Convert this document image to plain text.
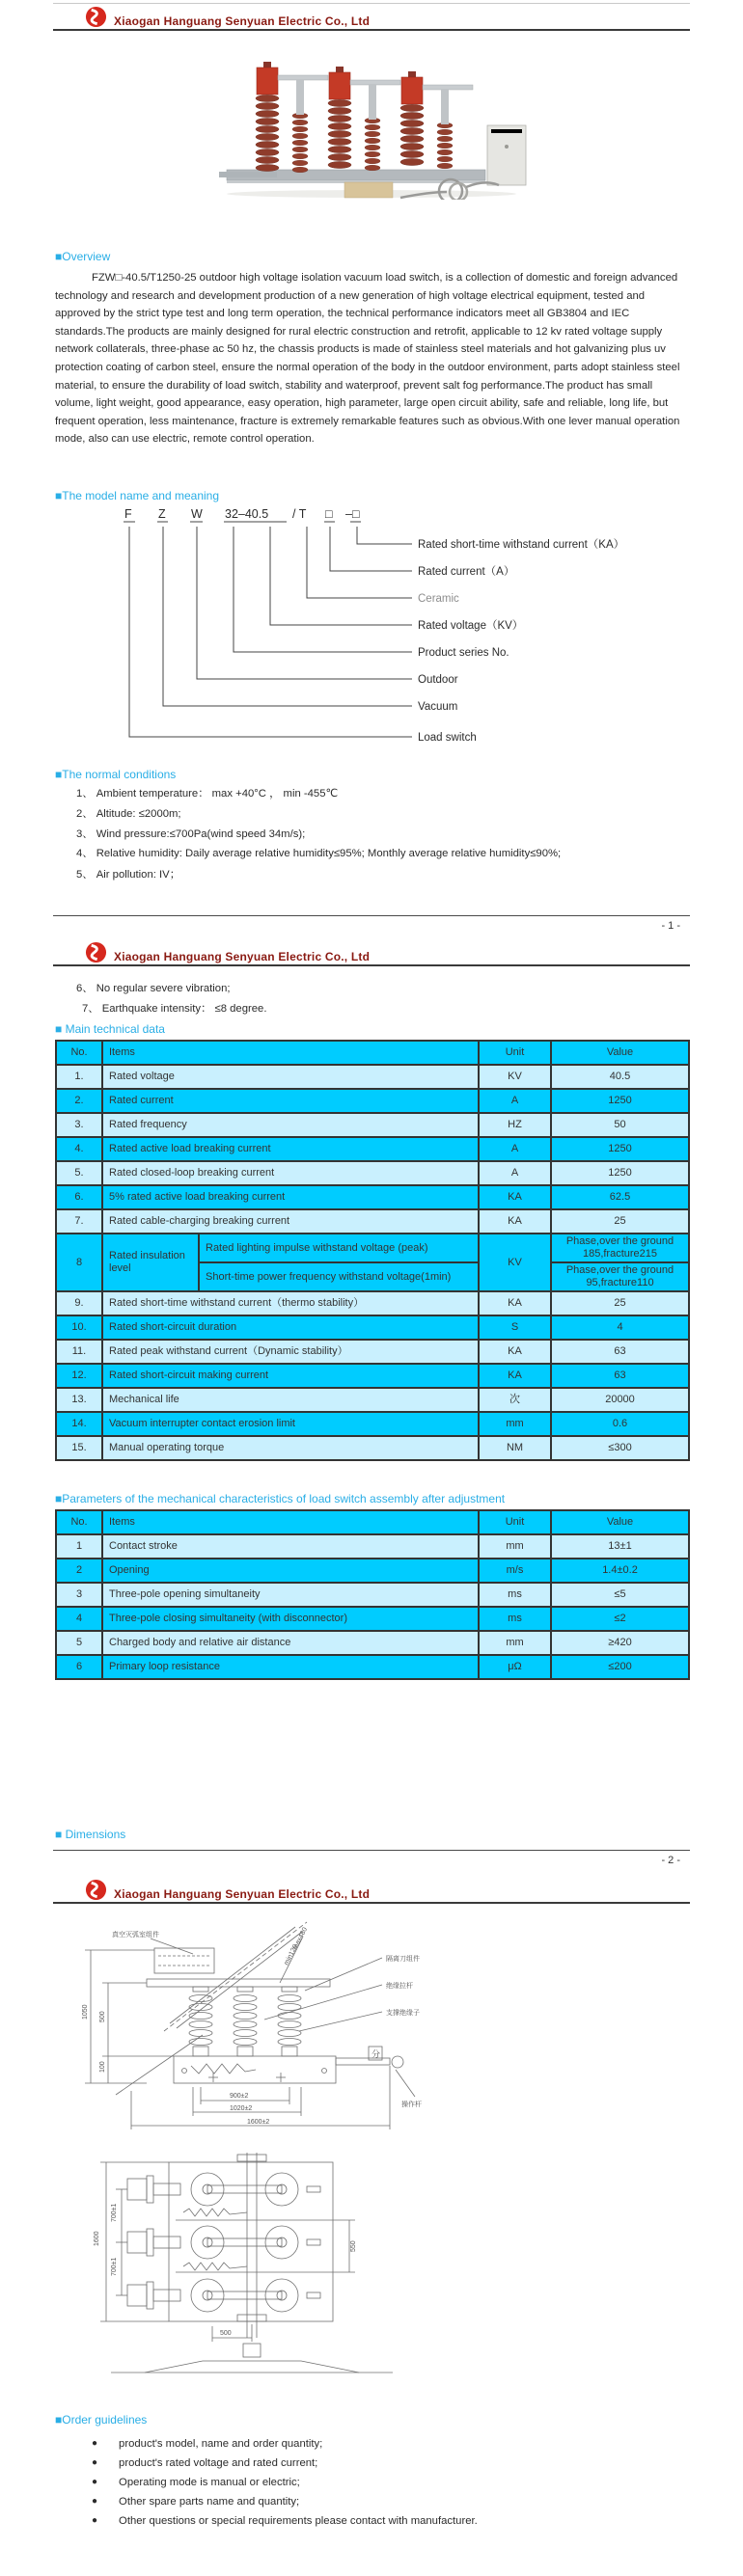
Xiaogan Hanguang Senyuan Electric Co., Ltd
■Overview
FZW□-40.5/T1250-25 outdoor high voltage isolation vacuum load switch, is a collection of domestic and foreign advanced technology and research and development production of a new generation of high voltage electrical equipment, tested and approved by the strict type test and long term operation, the technical performance indicators meet all GB3804 and IEC standards.The products are mainly designed for rural electric construction and retrofit, applicable to 12 kv rated voltage supply network collaterals, three-phase ac 50 hz, the chassis products is made of stainless steel materials and hot galvanizing plus uv protection coating of carbon steel, ensure the normal operation of the body in the outdoor environment, parts adopt stainless steel material, to ensure the durability of load switch, stability and waterproof, prevent salt fog performance.The product has small volume, light weight, good appearance, easy operation, high parameter, large open circuit ability, safe and reliable, long life, but frequent operation, less maintenance, fracture is extremely remarkable features such as obvious.With one lever manual operation mode, also can use electric, remote control operation.
■The model name and meaning
F Z W 32–40.5 / T □ –□
Rated short-time withstand current（KA）
Rated current（A）
Ceramic
Rated voltage（KV）
Product series No.
Outdoor
Vacuum
Load switch
■The normal conditions
1、 Ambient temperature： max +40°C ， min -455℃
2、 Altitude: ≤2000m;
3、 Wind pressure:≤700Pa(wind speed 34m/s);
4、 Relative humidity: Daily average relative humidity≤95%; Monthly average relative humidity≤90%;
5、 Air pollution: IV；
- 1 -
Xiaogan Hanguang Senyuan Electric Co., Ltd
6、 No regular severe vibration;
7、 Earthquake intensity： ≤8 degree.
■ Main technical data
No.	Items		Unit	Value
1.	Rated voltage		KV	40.5
2.	Rated current		A	1250
3.	Rated frequency		HZ	50
4.	Rated active load breaking current		A	1250
5.	Rated closed-loop breaking current		A	1250
6.	5% rated active load breaking current		KA	62.5
7.	Rated cable-charging breaking current		KA	25
8	Rated insulation level	Rated lighting impulse withstand voltage (peak)	KV	Phase,over the ground 185,fracture215
		Short-time power frequency withstand voltage(1min)		Phase,over the ground 95,fracture110
9.	Rated short-time withstand current（thermo stability）		KA	25
10.	Rated short-circuit duration		S	4
11.	Rated peak withstand current（Dynamic stability）		KA	63
12.	Rated short-circuit making current		KA	63
13.	Mechanical life		次	20000
14.	Vacuum interrupter contact erosion limit		mm	0.6
15.	Manual operating torque		NM	≤300
■Parameters of the mechanical characteristics of load switch assembly after adjustment
No.	Items	Unit	Value
1	Contact stroke	mm	13±1
2	Opening	m/s	1.4±0.2
3	Three-pole opening simultaneity	ms	≤5
4	Three-pole closing simultaneity (with disconnector)	ms	≤2
5	Charged body and relative air distance	mm	≥420
6	Primary loop resistance	μΩ	≤200
■ Dimensions
- 2 -
Xiaogan Hanguang Senyuan Electric Co., Ltd
真空灭弧室组件
隔离刀组件
绝缘拉杆
支撑绝缘子
操作杆
分
1050 500
100
900±2
1020±2
1600±2
max480
min120
1600
700±1
700±1
550
500
■Order guidelines
● product's model, name and order quantity;
● product's rated voltage and rated current;
● Operating mode is manual or electric;
● Other spare parts name and quantity;
● Other questions or special requirements please contact with manufacturer.
